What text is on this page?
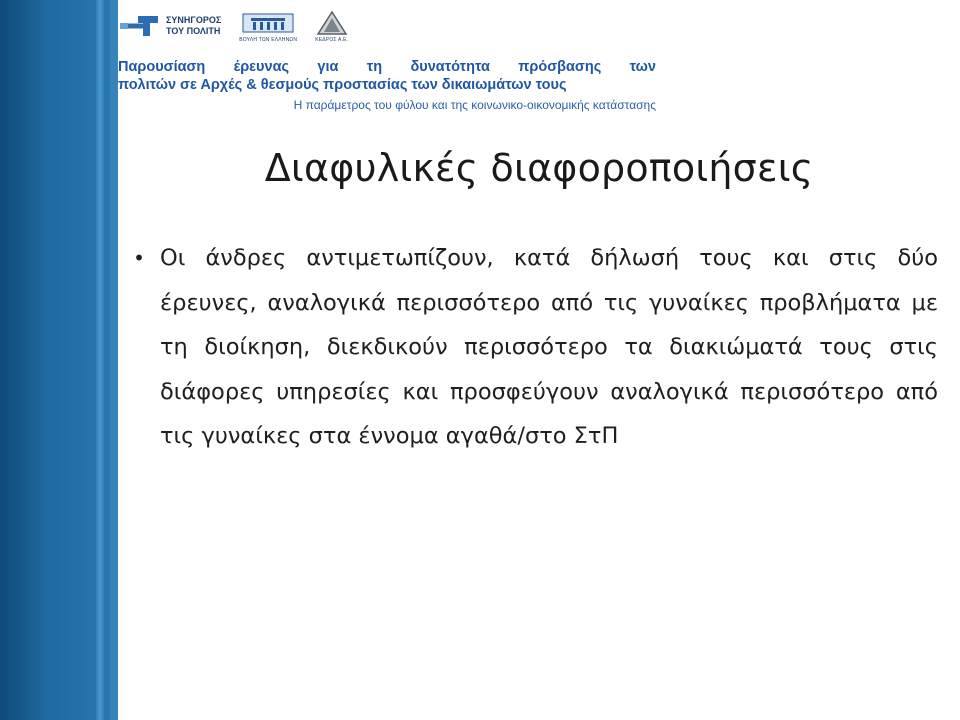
ΣΥΝΗΓΟΡΟΣ
ΤΟΥ ΠΟΛΙΤΗ
ΒΟΥΛΗ ΤΩΝ ΕΛΛΗΝΩΝ	ΚΕΔΡΟΣ Α.Ε.
Παρουσίαση έρευνας για τη δυνατότητα πρόσβασης των
πολιτών σε Αρχές & θεσμούς προστασίας των δικαιωμάτων τους
Η παράμετρος του φύλου και της κοινωνικο-οικονομικής κατάστασης
Διαφυλικές διαφοροποιήσεις
• Οι άνδρες αντιμετωπίζουν, κατά δήλωσή τους και στις δύο έρευνες, αναλογικά περισσότερο από τις γυναίκες προβλήματα με τη διοίκηση, διεκδικούν περισσότερο τα διακιώματά τους στις διάφορες υπηρεσίες και προσφεύγουν αναλογικά περισσότερο από τις γυναίκες στα έννομα αγαθά/στο ΣτΠ
